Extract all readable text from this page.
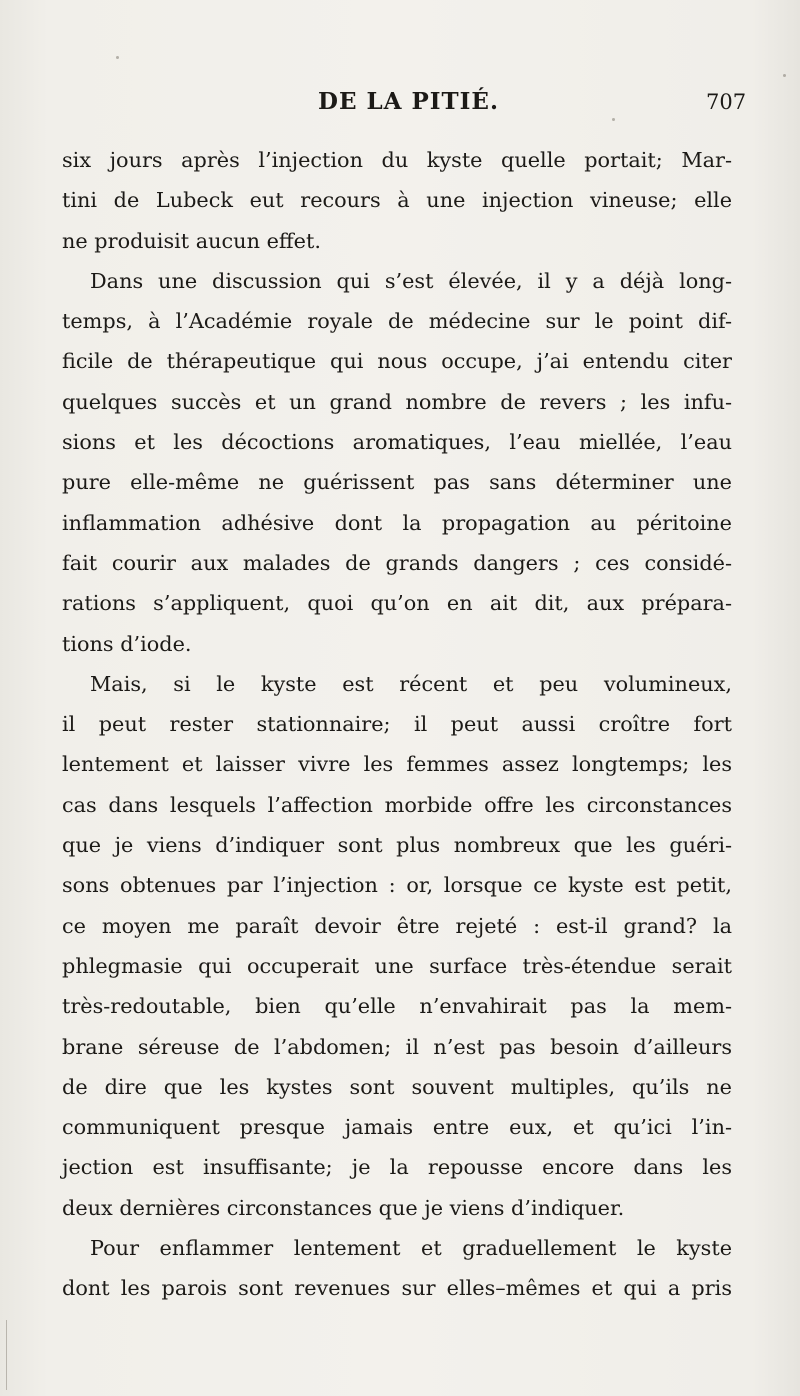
DE LA PITIÉ.	707
six jours après l’injection du kyste quelle portait; Mar-
tini de Lubeck eut recours à une injection vineuse; elle
ne produisit aucun effet.
Dans une discussion qui s’est élevée, il y a déjà long-
temps, à l’Académie royale de médecine sur le point dif-
ficile de thérapeutique qui nous occupe, j’ai entendu citer
quelques succès et un grand nombre de revers ; les infu-
sions et les décoctions aromatiques, l’eau miellée, l’eau
pure elle-même ne guérissent pas sans déterminer une
inflammation adhésive dont la propagation au péritoine
fait courir aux malades de grands dangers ; ces considé-
rations s’appliquent, quoi qu’on en ait dit, aux prépara-
tions d’iode.
Mais, si le kyste est récent et peu volumineux,
il peut rester stationnaire; il peut aussi croître fort
lentement et laisser vivre les femmes assez longtemps; les
cas dans lesquels l’affection morbide offre les circonstances
que je viens d’indiquer sont plus nombreux que les guéri-
sons obtenues par l’injection : or, lorsque ce kyste est petit,
ce moyen me paraît devoir être rejeté : est-il grand? la
phlegmasie qui occuperait une surface très-étendue serait
très-redoutable, bien qu’elle n’envahirait pas la mem-
brane séreuse de l’abdomen; il n’est pas besoin d’ailleurs
de dire que les kystes sont souvent multiples, qu’ils ne
communiquent presque jamais entre eux, et qu’ici l’in-
jection est insuffisante; je la repousse encore dans les
deux dernières circonstances que je viens d’indiquer.
Pour enflammer lentement et graduellement le kyste
dont les parois sont revenues sur elles–mêmes et qui a pris
